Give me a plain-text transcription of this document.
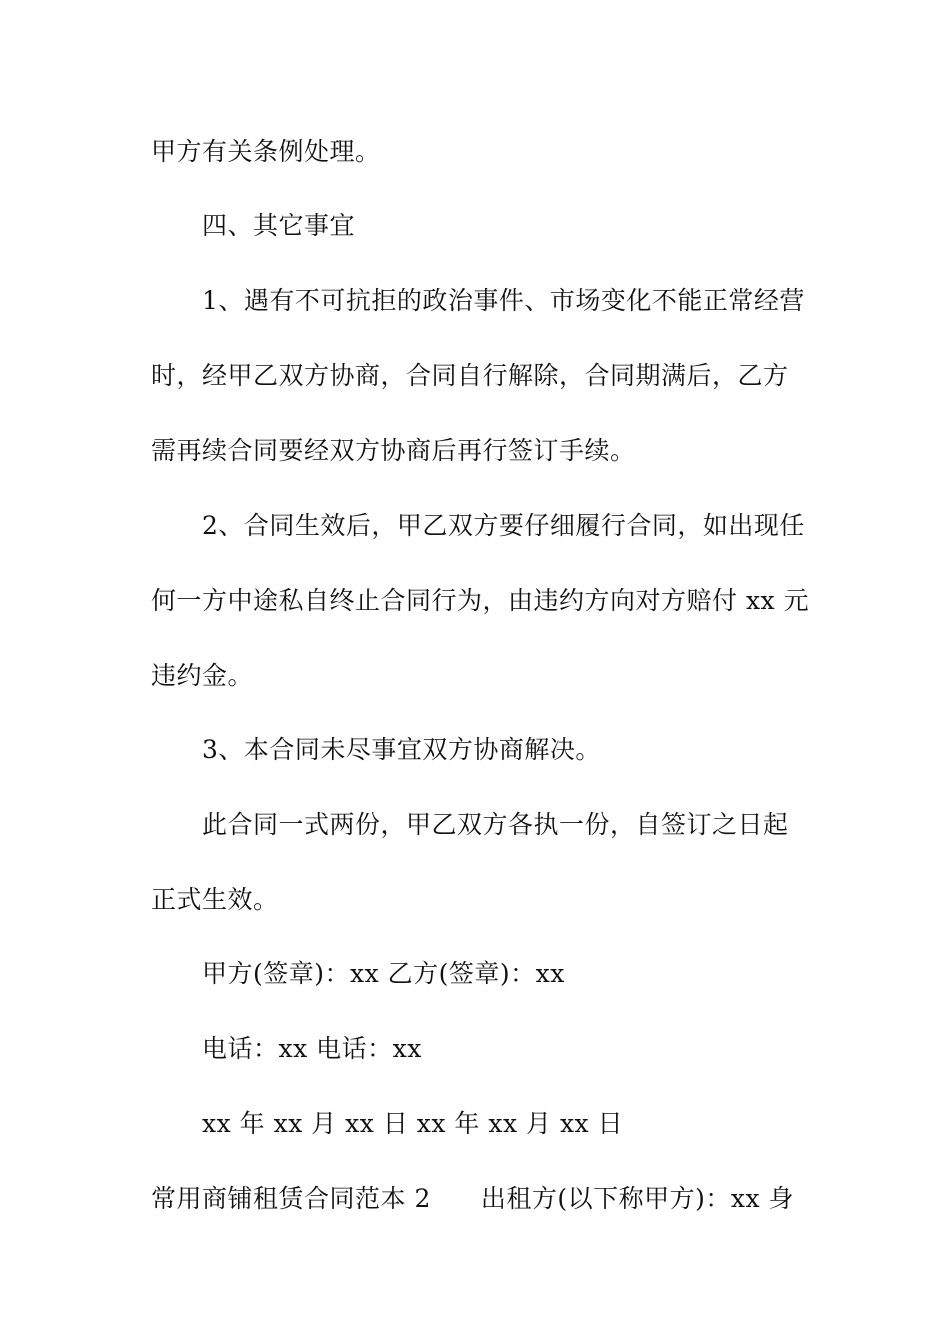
甲方有关条例处理。
四、其它事宜
1、遇有不可抗拒的政治事件、市场变化不能正常经营
时，经甲乙双方协商，合同自行解除，合同期满后，乙方
需再续合同要经双方协商后再行签订手续。
2、合同生效后，甲乙双方要仔细履行合同，如出现任
何一方中途私自终止合同行为，由违约方向对方赔付 xx 元
违约金。
3、本合同未尽事宜双方协商解决。
此合同一式两份，甲乙双方各执一份，自签订之日起
正式生效。
甲方(签章)：xx 乙方(签章)：xx
电话：xx 电话：xx
xx 年 xx 月 xx 日 xx 年 xx 月 xx 日
常用商铺租赁合同范本 2 出租方(以下称甲方)：xx 身
